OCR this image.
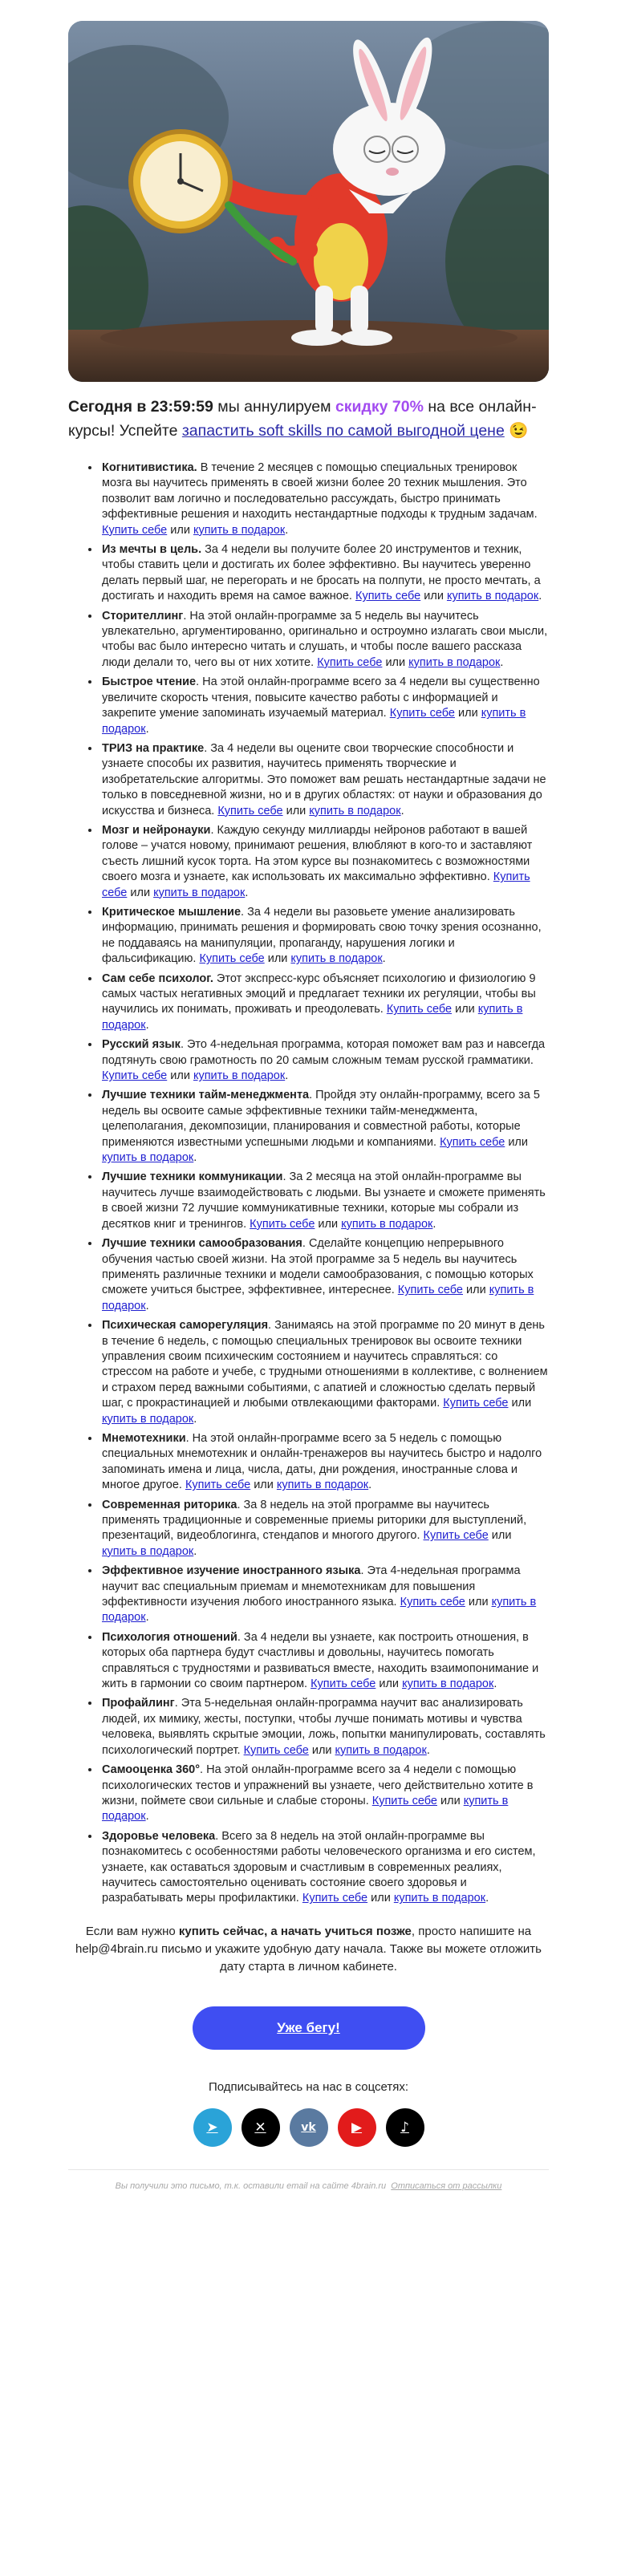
Сегодня в 23:59:59 мы аннулируем скидку 70% на все онлайн-курсы! Успейте запастить soft skills по самой выгодной цене 😉

• Когнитивистика. В течение 2 месяцев с помощью специальных тренировок мозга вы научитесь применять в своей жизни более 20 техник мышления. Это позволит вам логично и последовательно рассуждать, быстро принимать эффективные решения и находить нестандартные подходы к трудным задачам. Купить себе или купить в подарок.
• Из мечты в цель. За 4 недели вы получите более 20 инструментов и техник, чтобы ставить цели и достигать их более эффективно. Вы научитесь уверенно делать первый шаг, не перегорать и не бросать на полпути, не просто мечтать, а достигать и находить время на самое важное. Купить себе или купить в подарок.
• Сторителлинг. На этой онлайн-программе за 5 недель вы научитесь увлекательно, аргументированно, оригинально и остроумно излагать свои мысли, чтобы вас было интересно читать и слушать, и чтобы после вашего рассказа люди делали то, чего вы от них хотите. Купить себе или купить в подарок.
• Быстрое чтение. На этой онлайн-программе всего за 4 недели вы существенно увеличите скорость чтения, повысите качество работы с информацией и закрепите умение запоминать изучаемый материал. Купить себе или купить в подарок.
• ТРИЗ на практике. За 4 недели вы оцените свои творческие способности и узнаете способы их развития, научитесь применять творческие и изобретательские алгоритмы. Это поможет вам решать нестандартные задачи не только в повседневной жизни, но и в других областях: от науки и образования до искусства и бизнеса. Купить себе или купить в подарок.
• Мозг и нейронауки. Каждую секунду миллиарды нейронов работают в вашей голове – учатся новому, принимают решения, влюбляют в кого-то и заставляют съесть лишний кусок торта. На этом курсе вы познакомитесь с возможностями своего мозга и узнаете, как использовать их максимально эффективно. Купить себе или купить в подарок.
• Критическое мышление. За 4 недели вы разовьете умение анализировать информацию, принимать решения и формировать свою точку зрения осознанно, не поддаваясь на манипуляции, пропаганду, нарушения логики и фальсификацию. Купить себе или купить в подарок.
• Сам себе психолог. Этот экспресс-курс объясняет психологию и физиологию 9 самых частых негативных эмоций и предлагает техники их регуляции, чтобы вы научились их понимать, проживать и преодолевать. Купить себе или купить в подарок.
• Русский язык. Это 4-недельная программа, которая поможет вам раз и навсегда подтянуть свою грамотность по 20 самым сложным темам русской грамматики. Купить себе или купить в подарок.
• Лучшие техники тайм-менеджмента. Пройдя эту онлайн-программу, всего за 5 недель вы освоите самые эффективные техники тайм-менеджмента, целеполагания, декомпозиции, планирования и совместной работы, которые применяются известными успешными людьми и компаниями. Купить себе или купить в подарок.
• Лучшие техники коммуникации. За 2 месяца на этой онлайн-программе вы научитесь лучше взаимодействовать с людьми. Вы узнаете и сможете применять в своей жизни 72 лучшие коммуникативные техники, которые мы собрали из десятков книг и тренингов. Купить себе или купить в подарок.
• Лучшие техники самообразования. Сделайте концепцию непрерывного обучения частью своей жизни. На этой программе за 5 недель вы научитесь применять различные техники и модели самообразования, с помощью которых сможете учиться быстрее, эффективнее, интереснее. Купить себе или купить в подарок.
• Психическая саморегуляция. Занимаясь на этой программе по 20 минут в день в течение 6 недель, с помощью специальных тренировок вы освоите техники управления своим психическим состоянием и научитесь справляться: со стрессом на работе и учебе, с трудными отношениями в коллективе, с волнением и страхом перед важными событиями, с апатией и сложностью сделать первый шаг, с прокрастинацией и любыми отвлекающими факторами. Купить себе или купить в подарок.
• Мнемотехники. На этой онлайн-программе всего за 5 недель с помощью специальных мнемотехник и онлайн-тренажеров вы научитесь быстро и надолго запоминать имена и лица, числа, даты, дни рождения, иностранные слова и многое другое. Купить себе или купить в подарок.
• Современная риторика. За 8 недель на этой программе вы научитесь применять традиционные и современные приемы риторики для выступлений, презентаций, видеоблогинга, стендапов и многого другого. Купить себе или купить в подарок.
• Эффективное изучение иностранного языка. Эта 4-недельная программа научит вас специальным приемам и мнемотехникам для повышения эффективности изучения любого иностранного языка. Купить себе или купить в подарок.
• Психология отношений. За 4 недели вы узнаете, как построить отношения, в которых оба партнера будут счастливы и довольны, научитесь помогать справляться с трудностями и развиваться вместе, находить взаимопонимание и жить в гармонии со своим партнером. Купить себе или купить в подарок.
• Профайлинг. Эта 5-недельная онлайн-программа научит вас анализировать людей, их мимику, жесты, поступки, чтобы лучше понимать мотивы и чувства человека, выявлять скрытые эмоции, ложь, попытки манипулировать, составлять психологический портрет. Купить себе или купить в подарок.
• Самооценка 360°. На этой онлайн-программе всего за 4 недели с помощью психологических тестов и упражнений вы узнаете, чего действительно хотите в жизни, поймете свои сильные и слабые стороны. Купить себе или купить в подарок.
• Здоровье человека. Всего за 8 недель на этой онлайн-программе вы познакомитесь с особенностями работы человеческого организма и его систем, узнаете, как оставаться здоровым и счастливым в современных реалиях, научитесь самостоятельно оценивать состояние своего здоровья и разрабатывать меры профилактики. Купить себе или купить в подарок.

Если вам нужно купить сейчас, а начать учиться позже, просто напишите на help@4brain.ru письмо и укажите удобную дату начала. Также вы можете отложить дату старта в личном кабинете.

Уже бегу!
Подписывайтесь на нас в соцсетях:
➤	✕	vk	▶	♪
Вы получили это письмо, т.к. оставили email на сайте 4brain.ru Отписаться от рассылки
